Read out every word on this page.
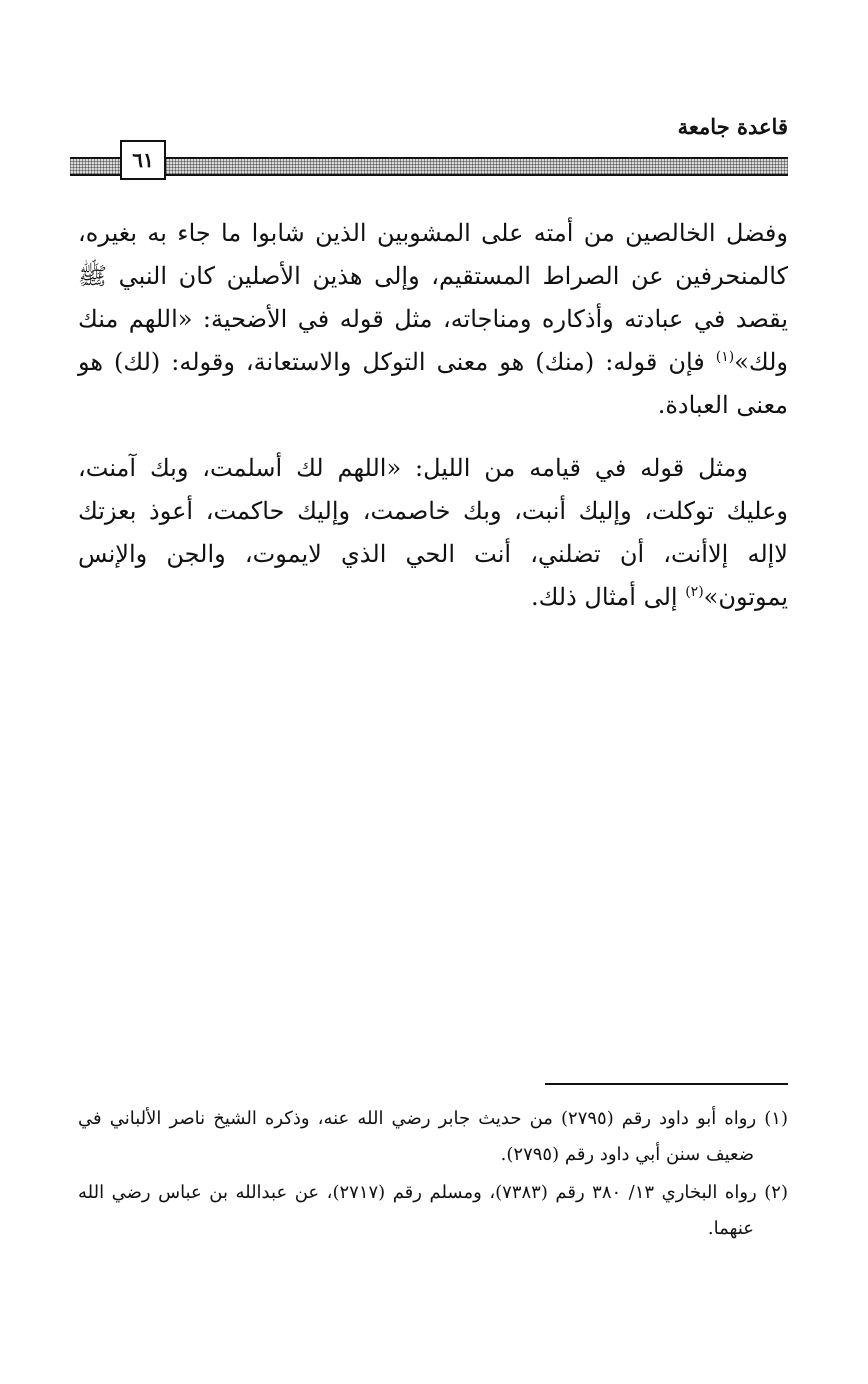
قاعدة جامعة
٦١

وفضل الخالصين من أمته على المشوبين الذين شابوا ما جاء به بغيره، كالمنحرفين عن الصراط المستقيم، وإلى هذين الأصلين كان النبي ﷺ يقصد في عبادته وأذكاره ومناجاته، مثل قوله في الأضحية: «اللهم منك ولك»$^{(١)}$ فإن قوله: (منك) هو معنى التوكل والاستعانة، وقوله: (لك) هو معنى العبادة.

ومثل قوله في قيامه من الليل: «اللهم لك أسلمت، وبك آمنت، وعليك توكلت، وإليك أنبت، وبك خاصمت، وإليك حاكمت، أعوذ بعزتك لاإله إلاأنت، أن تضلني، أنت الحي الذي لايموت، والجن والإنس يموتون»$^{(٢)}$ إلى أمثال ذلك.

(١) رواه أبو داود رقم (٢٧٩٥) من حديث جابر رضي الله عنه، وذكره الشيخ ناصر الألباني في ضعيف سنن أبي داود رقم (٢٧٩٥).

(٢) رواه البخاري ١٣/ ٣٨٠ رقم (٧٣٨٣)، ومسلم رقم (٢٧١٧)، عن عبدالله بن عباس رضي الله عنهما.
